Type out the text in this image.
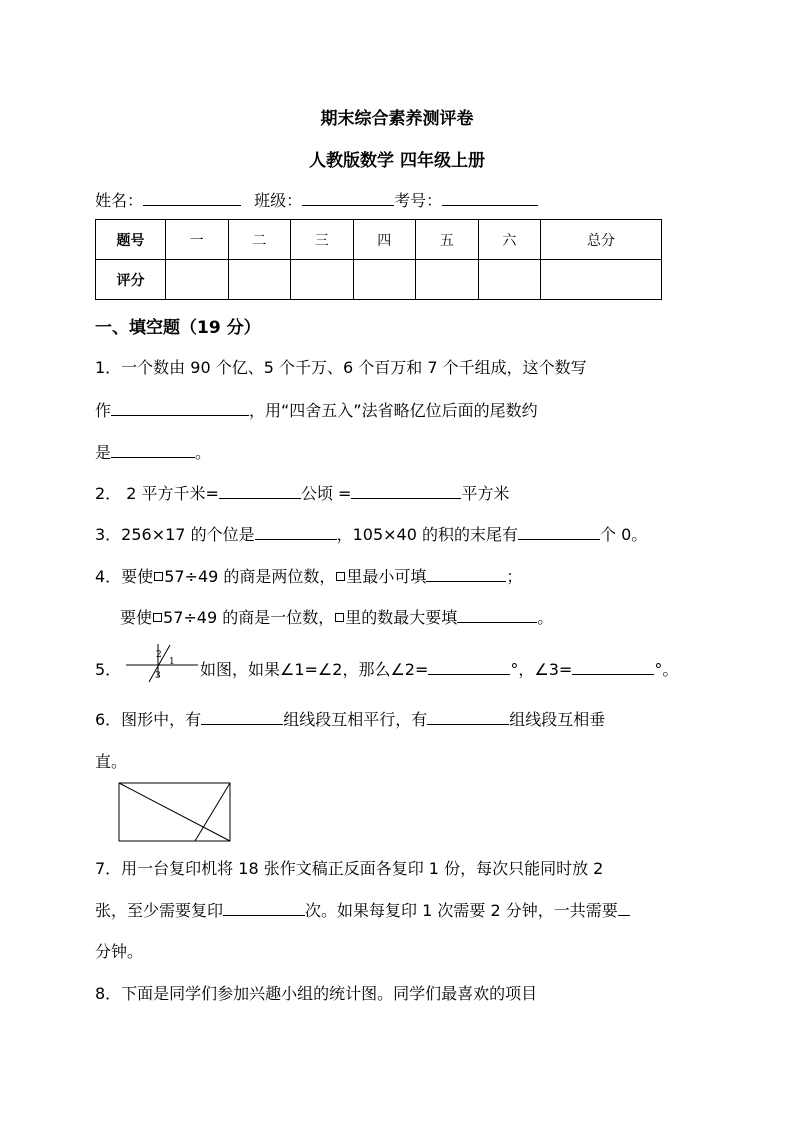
期末综合素养测评卷
人教版数学 四年级上册
姓名：	班级：	考号：
题号	一	二	三	四	五	六	总分
评分							
一、填空题（19 分）
1．一个数由 90 个亿、5 个千万、6 个百万和 7 个千组成，这个数写
作	，用“四舍五入”法省略亿位后面的尾数约
是	。
2． 2 平方千米=	公顷 =	平方米
3．256×17 的个位是	，105×40 的积的末尾有	个 0。
4．要使 57÷49 的商是两位数， 里最小可填	；
要使 57÷49 的商是一位数， 里的数最大要填	。
5．
2
1
3 如图，如果∠1=∠2，那么∠2=	°，∠3=	°。
6．图形中，有	组线段互相平行，有	组线段互相垂
直。
7．用一台复印机将 18 张作文稿正反面各复印 1 份，每次只能同时放 2
张，至少需要复印	次。如果每复印 1 次需要 2 分钟，一共需要
分钟。
8．下面是同学们参加兴趣小组的统计图。同学们最喜欢的项目
